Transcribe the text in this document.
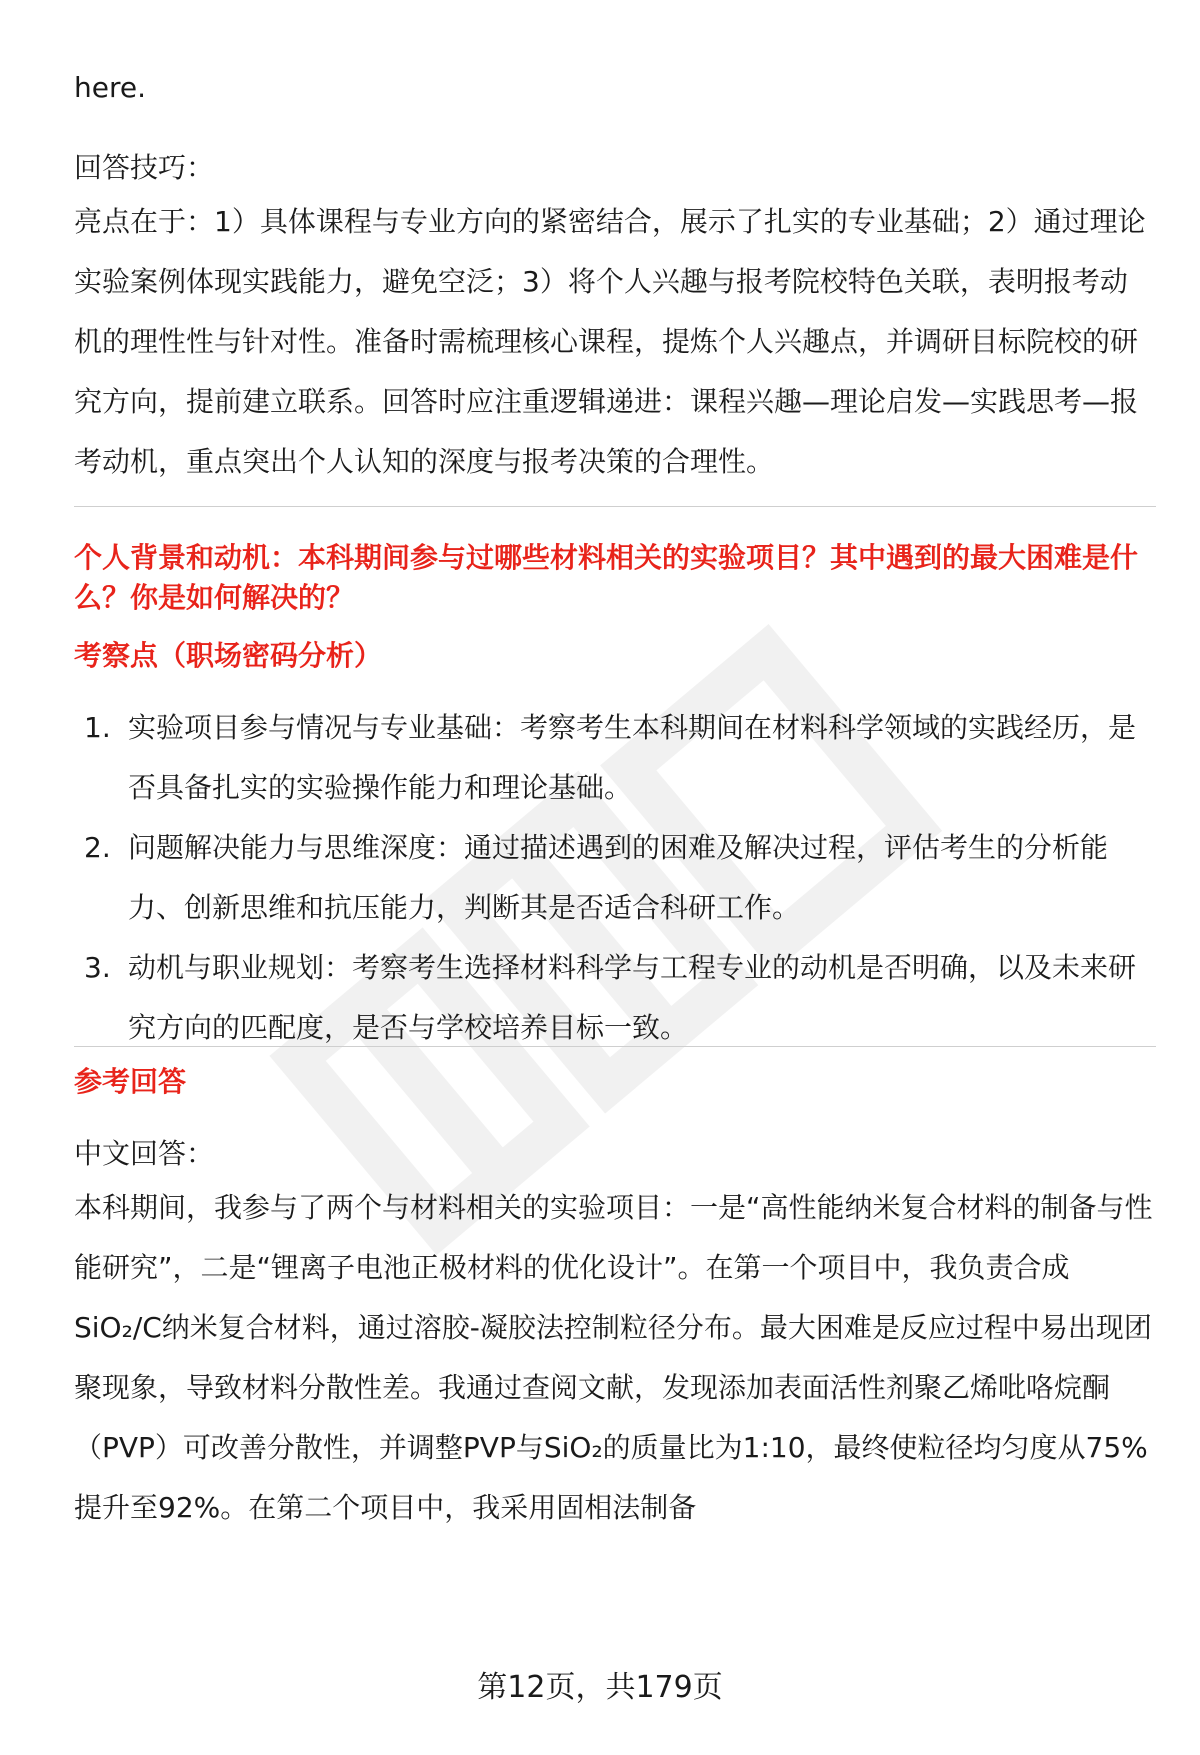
here.

回答技巧：

亮点在于：1）具体课程与专业方向的紧密结合，展示了扎实的专业基础；2）通过理论实验案例体现实践能力，避免空泛；3）将个人兴趣与报考院校特色关联，表明报考动机的理性性与针对性。准备时需梳理核心课程，提炼个人兴趣点，并调研目标院校的研究方向，提前建立联系。回答时应注重逻辑递进：课程兴趣—理论启发—实践思考—报考动机，重点突出个人认知的深度与报考决策的合理性。

个人背景和动机：本科期间参与过哪些材料相关的实验项目？其中遇到的最大困难是什么？你是如何解决的？

考察点（职场密码分析）

1. 实验项目参与情况与专业基础：考察考生本科期间在材料科学领域的实践经历，是否具备扎实的实验操作能力和理论基础。
2. 问题解决能力与思维深度：通过描述遇到的困难及解决过程，评估考生的分析能力、创新思维和抗压能力，判断其是否适合科研工作。
3. 动机与职业规划：考察考生选择材料科学与工程专业的动机是否明确，以及未来研究方向的匹配度，是否与学校培养目标一致。

参考回答

中文回答：

本科期间，我参与了两个与材料相关的实验项目：一是“高性能纳米复合材料的制备与性能研究”，二是“锂离子电池正极材料的优化设计”。在第一个项目中，我负责合成SiO₂/C纳米复合材料，通过溶胶-凝胶法控制粒径分布。最大困难是反应过程中易出现团聚现象，导致材料分散性差。我通过查阅文献，发现添加表面活性剂聚乙烯吡咯烷酮（PVP）可改善分散性，并调整PVP与SiO₂的质量比为1:10，最终使粒径均匀度从75%提升至92%。在第二个项目中，我采用固相法制备

第12页，共179页
